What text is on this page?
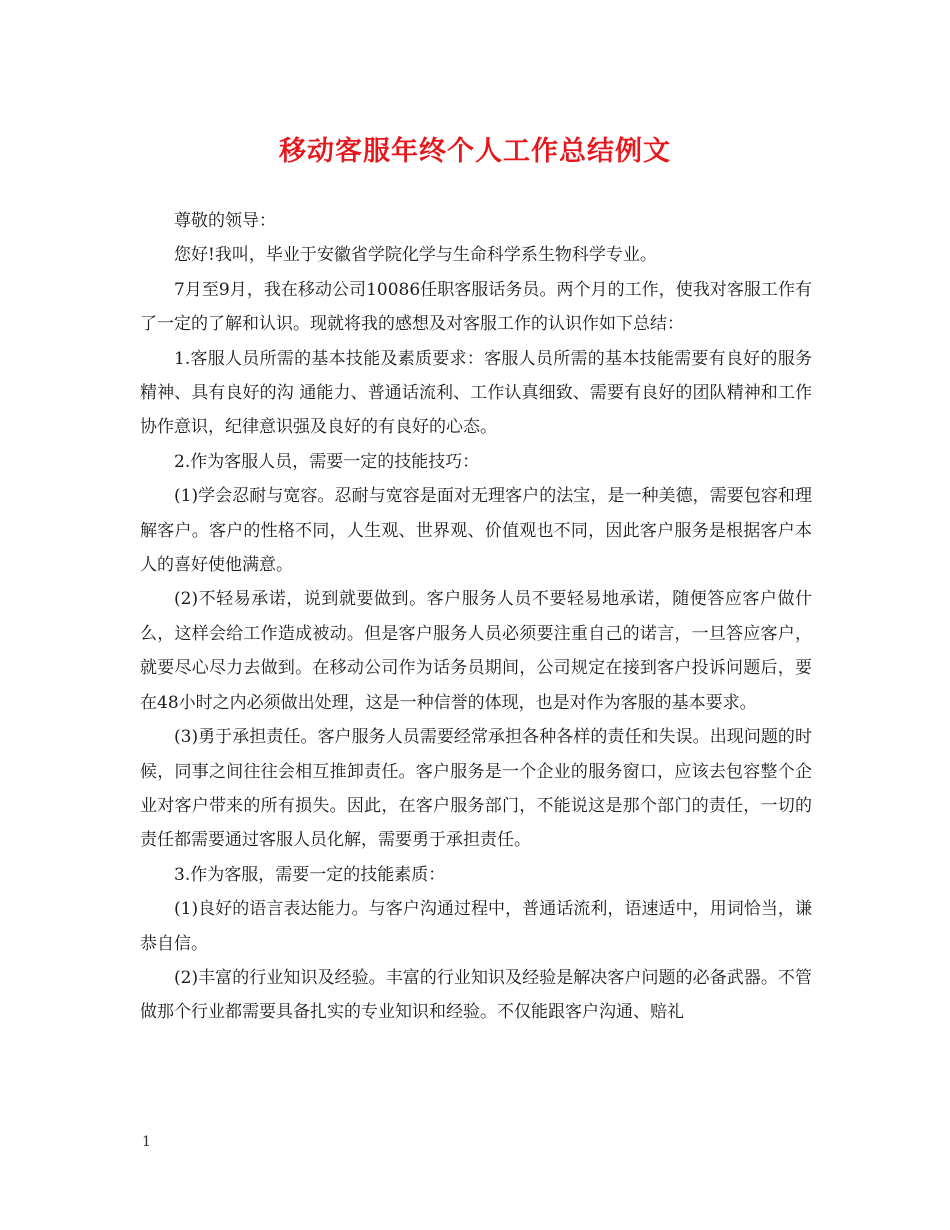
移动客服年终个人工作总结例文

尊敬的领导：

您好!我叫，毕业于安徽省学院化学与生命科学系生物科学专业。

7月至9月，我在移动公司10086任职客服话务员。两个月的工作，使我对客服工作有了一定的了解和认识。现就将我的感想及对客服工作的认识作如下总结：

1.客服人员所需的基本技能及素质要求：客服人员所需的基本技能需要有良好的服务精神、具有良好的沟 通能力、普通话流利、工作认真细致、需要有良好的团队精神和工作协作意识，纪律意识强及良好的有良好的心态。

2.作为客服人员，需要一定的技能技巧：

(1)学会忍耐与宽容。忍耐与宽容是面对无理客户的法宝，是一种美德，需要包容和理解客户。客户的性格不同，人生观、世界观、价值观也不同，因此客户服务是根据客户本人的喜好使他满意。

(2)不轻易承诺，说到就要做到。客户服务人员不要轻易地承诺，随便答应客户做什么，这样会给工作造成被动。但是客户服务人员必须要注重自己的诺言，一旦答应客户，就要尽心尽力去做到。在移动公司作为话务员期间，公司规定在接到客户投诉问题后，要在48小时之内必须做出处理，这是一种信誉的体现，也是对作为客服的基本要求。

(3)勇于承担责任。客户服务人员需要经常承担各种各样的责任和失误。出现问题的时候，同事之间往往会相互推卸责任。客户服务是一个企业的服务窗口，应该去包容整个企业对客户带来的所有损失。因此，在客户服务部门，不能说这是那个部门的责任，一切的责任都需要通过客服人员化解，需要勇于承担责任。

3.作为客服，需要一定的技能素质：

(1)良好的语言表达能力。与客户沟通过程中，普通话流利，语速适中，用词恰当，谦恭自信。

(2)丰富的行业知识及经验。丰富的行业知识及经验是解决客户问题的必备武器。不管做那个行业都需要具备扎实的专业知识和经验。不仅能跟客户沟通、赔礼

1
